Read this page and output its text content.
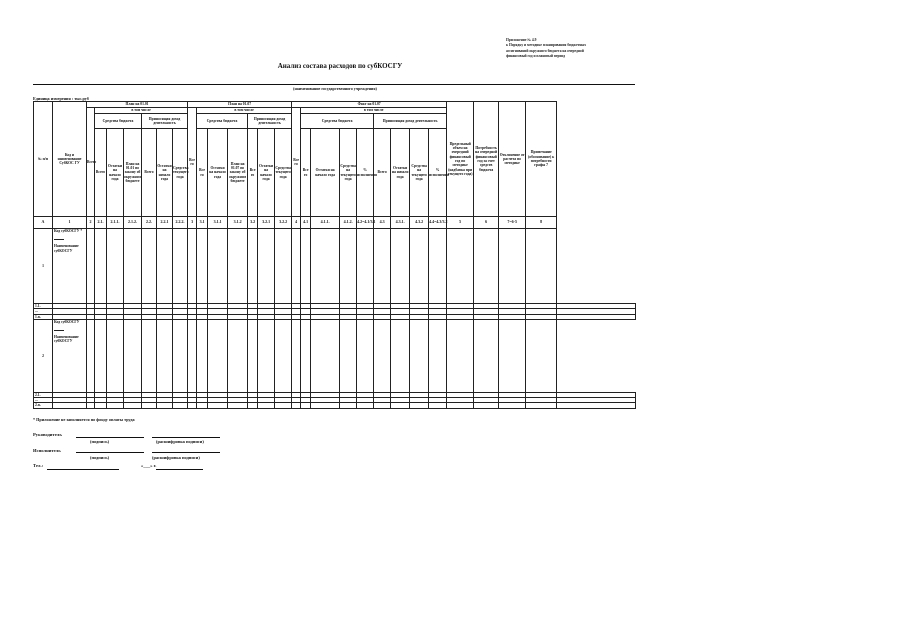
Приложение № 4.9
к Порядку и методике планирования бюджетных
ассигнований окружного бюджета на очередной
финансовый год и плановый период
Анализ состава расходов по субКОСГУ
(наименование государственного учреждения)
Единица измерения : тыс.руб
№ п/п	Код и наименование СубКОС ГУ	План на 01.01							План на 01.07							Факт на 01.07									Предельный объем на очередной финансовый год по методике (надбавка при текущего года)	Потребность на очередной финансовый год за счет средств бюджета	Отклонение от расчета по методике	Примечание (обоснование) к потребности графы 7	
		Всего	в том числе						Все го	в том числе						Все го	в том числе												
			Средства бюджета			Приносящая доход деятельность				Средства бюджета			Приносящая доход деятельность				Средства бюджета				Приносящая доход деятельность								
			Всего	Остатки на начало года	План на 01.01 по закону об окружном бюджете	Всего	Остатки на начало года	Средства текущего года		Все го	Остатки на начало года	План на 01.07 по закону об окружном бюджете	Все го	Остатки на начало года	Средства текущего года		Все го	Остатки на начало года	Средства на текущего года	% исполнения	Всего	Остатки на начало года	Средства на текущего года	% исполнения					
А	1	2	2.1.	2.1.1.	2.1.2.	2.2.	2.2.1	2.2.2.	3	3.1	3.1.1	3.1.2	3.2	3.2.1	3.2.2	4	4.1	4.1.1.	4.1.2.	4.2=4.1/3.1	4.3	4.3.1.	4.3.2	4.4=4.3/3.2	5	6	7=6-5	8	
1	Код субКОСГУ *
Наименование субКОСГУ																												

1.1.																													
...																													
1.n.																													
2	Код субКОСГУ
Наименование субКОСГУ																												

2.1.																													
...																													
2.n.																													
* Приложение не заполняется по фонду оплаты труда
Руководитель
(подпись)	(расшифровка подписи)
Исполнитель
(подпись)	(расшифровка подписи)
Тел.:	«___» г.
